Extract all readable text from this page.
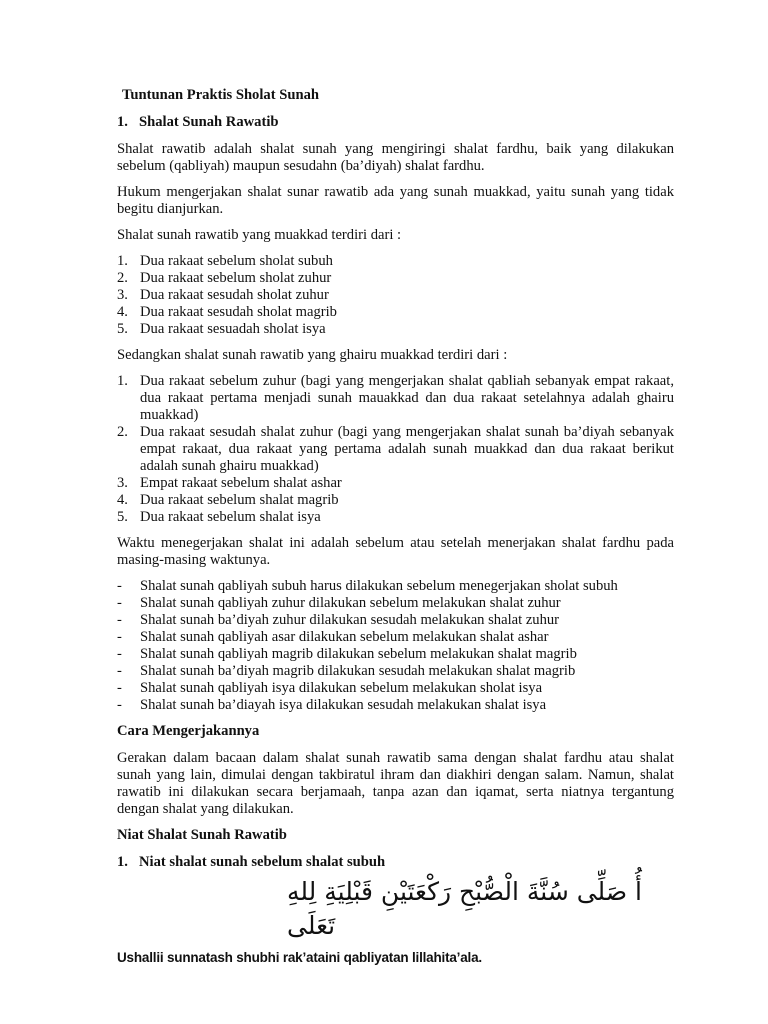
Tuntunan Praktis Sholat Sunah
1. Shalat Sunah Rawatib

Shalat rawatib adalah shalat sunah yang mengiringi shalat fardhu, baik yang dilakukan sebelum (qabliyah) maupun sesudahn (ba’diyah) shalat fardhu.

Hukum mengerjakan shalat sunar rawatib ada yang sunah muakkad, yaitu sunah yang tidak begitu dianjurkan.

Shalat sunah rawatib yang muakkad terdiri dari :

1. Dua rakaat sebelum sholat subuh
2. Dua rakaat sebelum sholat zuhur
3. Dua rakaat sesudah sholat zuhur
4. Dua rakaat sesudah sholat magrib
5. Dua rakaat sesuadah sholat isya

Sedangkan shalat sunah rawatib yang ghairu muakkad terdiri dari :

1. Dua rakaat sebelum zuhur (bagi yang mengerjakan shalat qabliah sebanyak empat rakaat, dua rakaat pertama menjadi sunah mauakkad dan dua rakaat setelahnya adalah ghairu muakkad)
2. Dua rakaat sesudah shalat zuhur (bagi yang mengerjakan shalat sunah ba’diyah sebanyak empat rakaat, dua rakaat yang pertama adalah sunah muakkad dan dua rakaat berikut adalah sunah ghairu muakkad)
3. Empat rakaat sebelum shalat ashar
4. Dua rakaat sebelum shalat magrib
5. Dua rakaat sebelum shalat isya

Waktu menegerjakan shalat ini adalah sebelum atau setelah menerjakan shalat fardhu pada masing-masing waktunya.

- Shalat sunah qabliyah subuh harus dilakukan sebelum menegerjakan sholat subuh
- Shalat sunah qabliyah zuhur dilakukan sebelum melakukan shalat zuhur
- Shalat sunah ba’diyah zuhur dilakukan sesudah melakukan shalat zuhur
- Shalat sunah qabliyah asar dilakukan sebelum melakukan shalat ashar
- Shalat sunah qabliyah magrib dilakukan sebelum melakukan shalat magrib
- Shalat sunah ba’diyah magrib dilakukan sesudah melakukan shalat magrib
- Shalat sunah qabliyah isya dilakukan sebelum melakukan sholat isya
- Shalat sunah ba’diayah isya dilakukan sesudah melakukan shalat isya
Cara Mengerjakannya

Gerakan dalam bacaan dalam shalat sunah rawatib sama dengan shalat fardhu atau shalat sunah yang lain, dimulai dengan takbiratul ihram dan diakhiri dengan salam. Namun, shalat rawatib ini dilakukan secara berjamaah, tanpa azan dan iqamat, serta niatnya tergantung dengan shalat yang dilakukan.

Niat Shalat Sunah Rawatib
1. Niat shalat sunah sebelum shalat subuh
أُ صَلِّى سُنَّةَ الْصُّبْحِ رَكْعَتَيْنِ قَبْلِيَةِ لِلهِ تَعَلَى

Ushallii sunnatash shubhi rak’ataini qabliyatan lillahita’ala.
